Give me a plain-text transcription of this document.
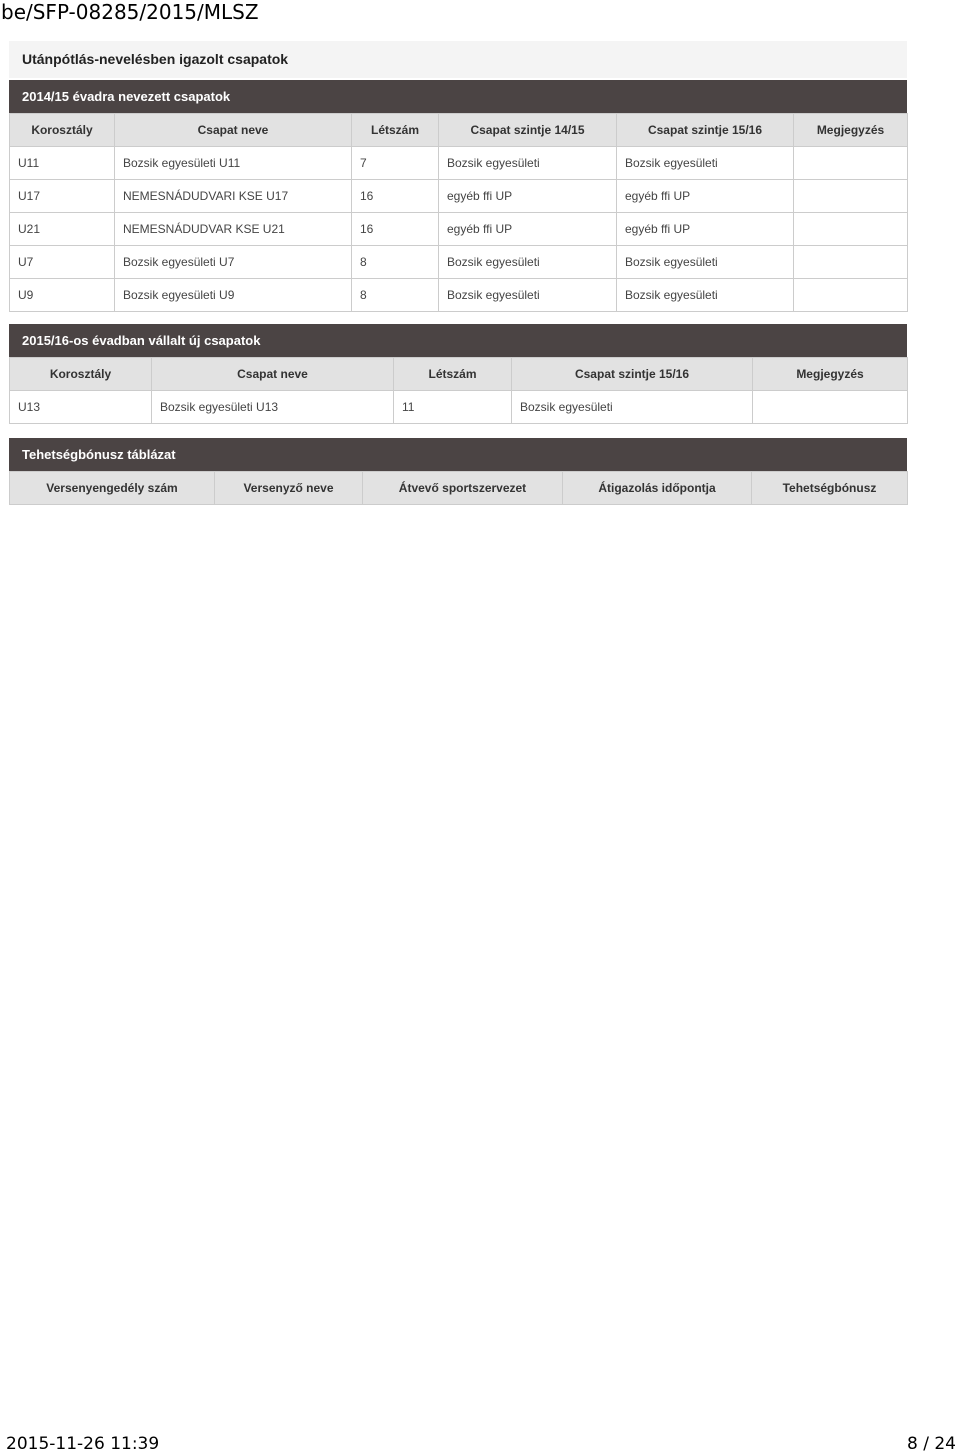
be/SFP-08285/2015/MLSZ
Utánpótlás-nevelésben igazolt csapatok
2014/15 évadra nevezett csapatok
Korosztály	Csapat neve	Létszám	Csapat szintje 14/15	Csapat szintje 15/16	Megjegyzés
U11	Bozsik egyesületi U11	7	Bozsik egyesületi	Bozsik egyesületi	
U17	NEMESNÁDUDVARI KSE U17	16	egyéb ffi UP	egyéb ffi UP	
U21	NEMESNÁDUDVAR KSE U21	16	egyéb ffi UP	egyéb ffi UP	
U7	Bozsik egyesületi U7	8	Bozsik egyesületi	Bozsik egyesületi	
U9	Bozsik egyesületi U9	8	Bozsik egyesületi	Bozsik egyesületi	
2015/16-os évadban vállalt új csapatok
Korosztály	Csapat neve	Létszám	Csapat szintje 15/16	Megjegyzés
U13	Bozsik egyesületi U13	11	Bozsik egyesületi	
Tehetségbónusz táblázat
Versenyengedély szám	Versenyző neve	Átvevő sportszervezet	Átigazolás időpontja	Tehetségbónusz
2015-11-26 11:39	8 / 24
